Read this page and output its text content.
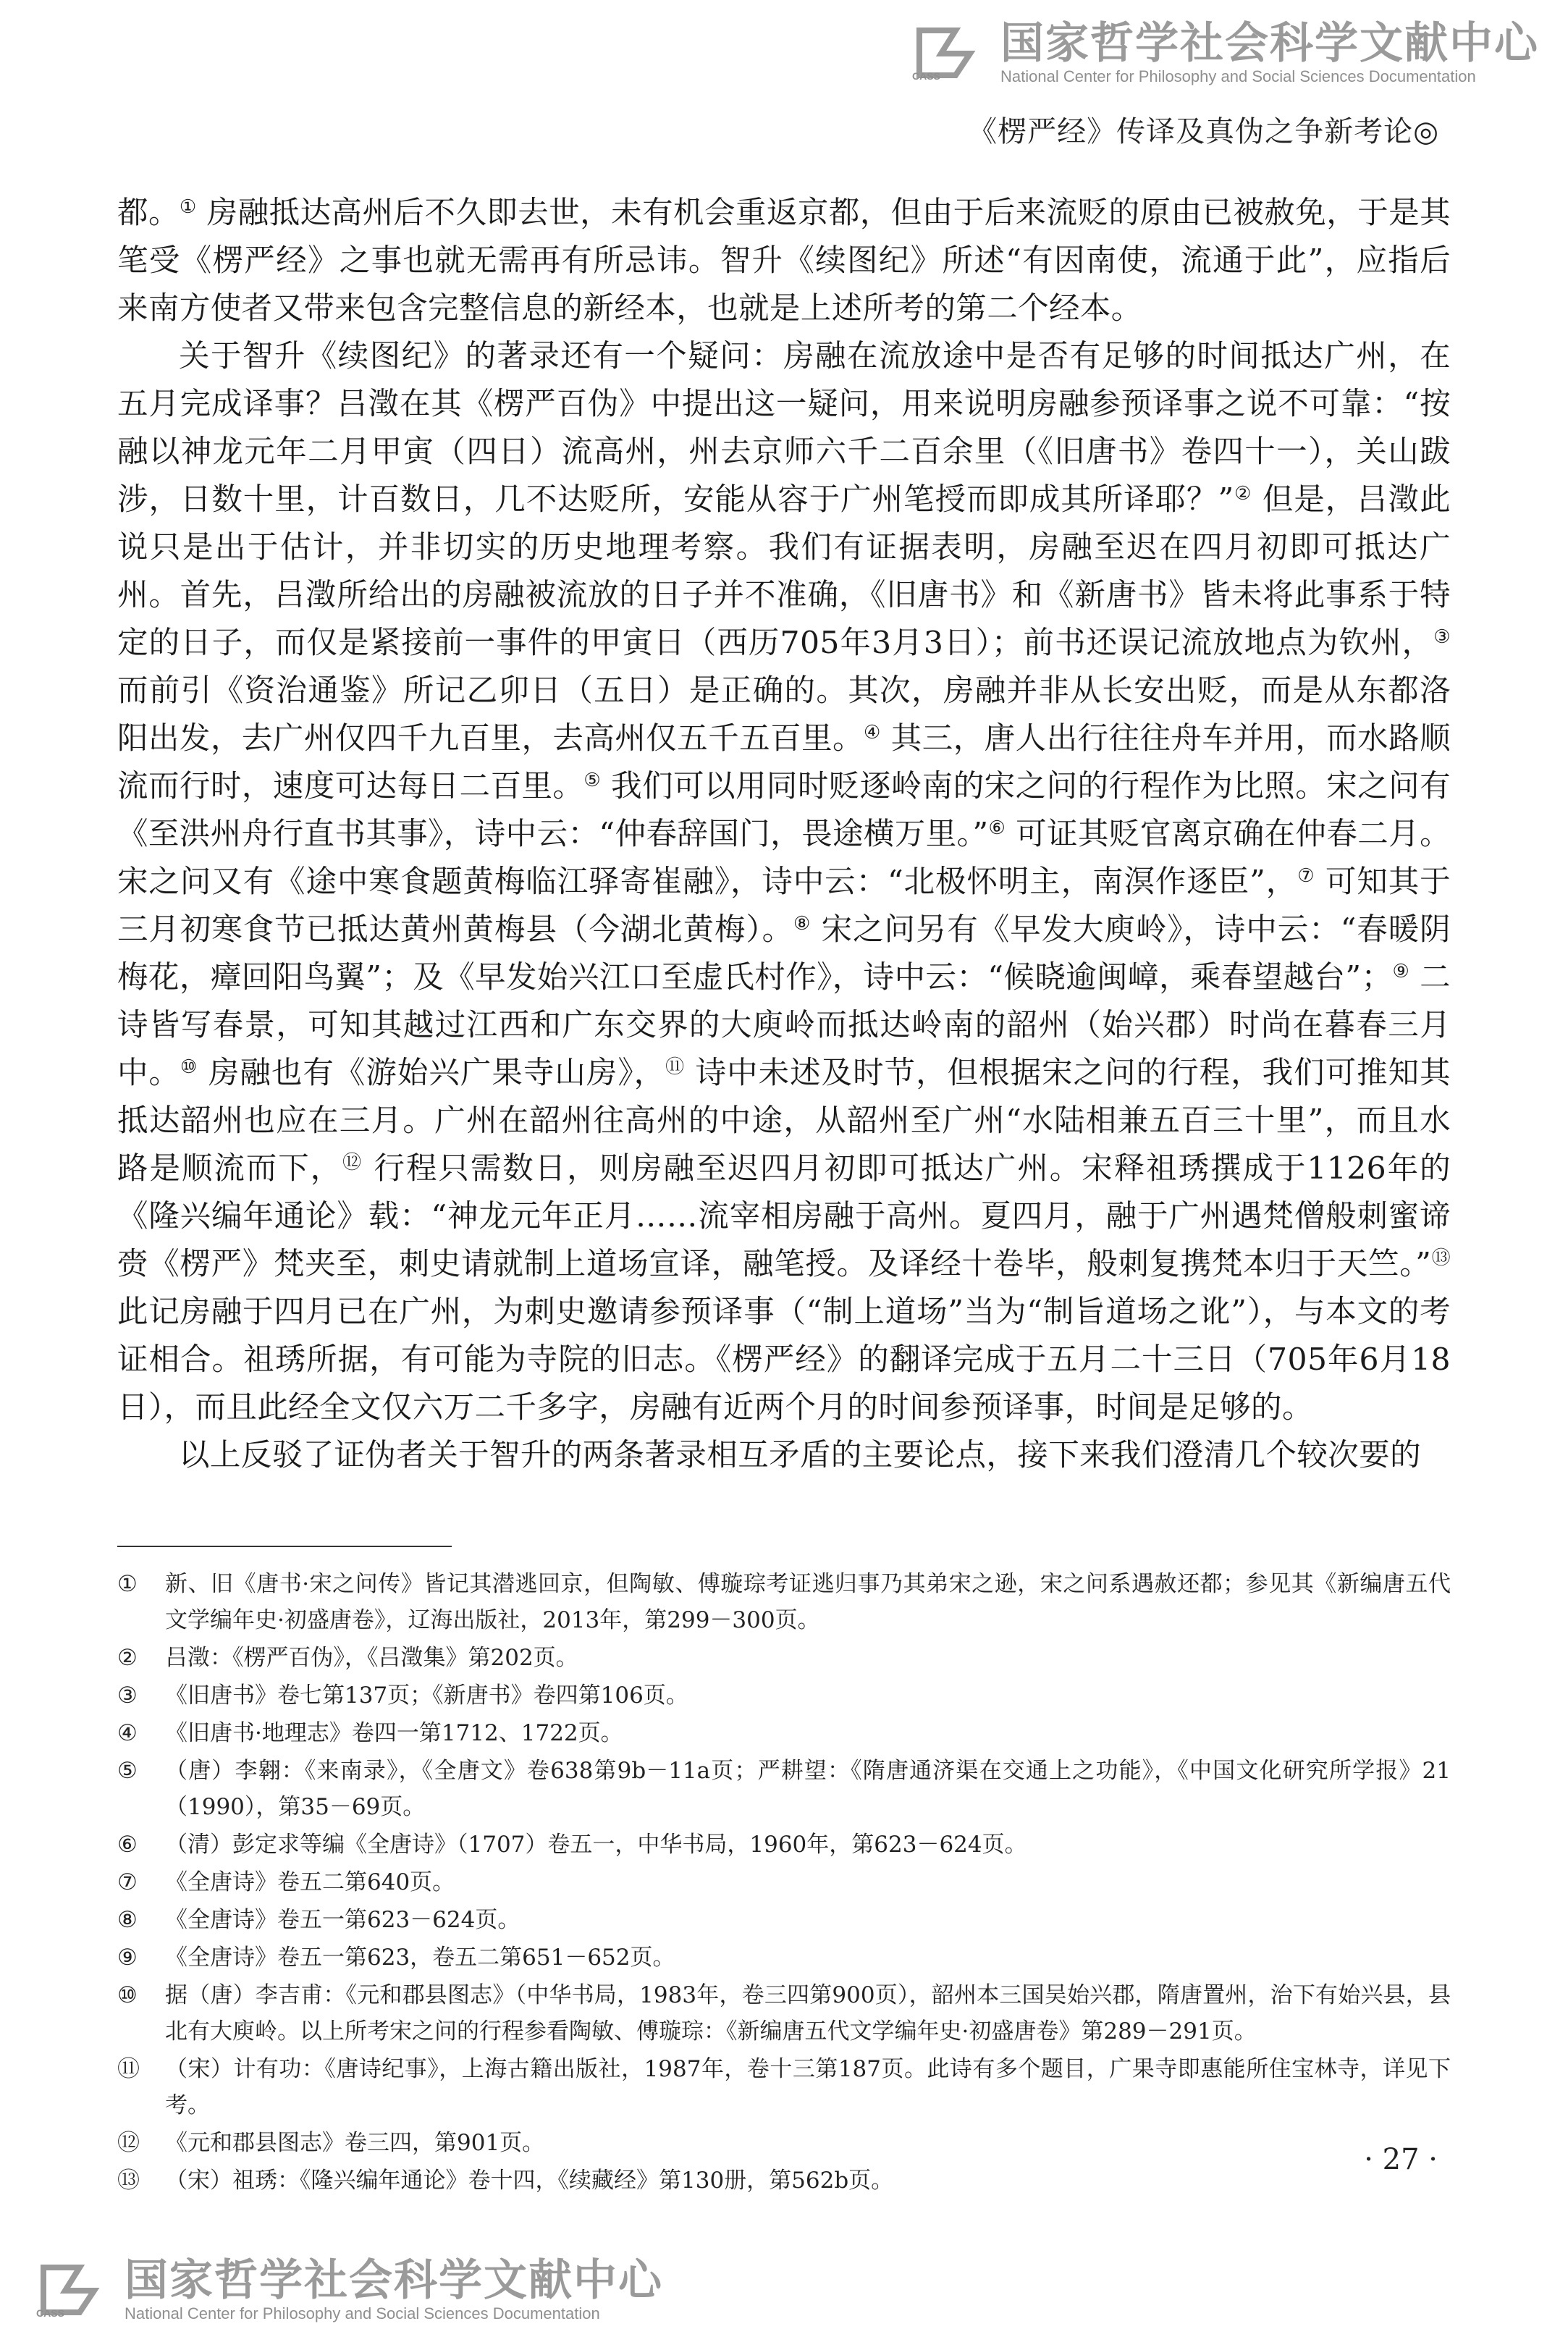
CASS
国家哲学社会科学文献中心
National Center for Philosophy and Social Sciences Documentation
《楞严经》传译及真伪之争新考论◎

都。① 房融抵达高州后不久即去世，未有机会重返京都，但由于后来流贬的原由已被赦免，于是其笔受《楞严经》之事也就无需再有所忌讳。智升《续图纪》所述“有因南使，流通于此”，应指后来南方使者又带来包含完整信息的新经本，也就是上述所考的第二个经本。

关于智升《续图纪》的著录还有一个疑问：房融在流放途中是否有足够的时间抵达广州，在五月完成译事？吕澂在其《楞严百伪》中提出这一疑问，用来说明房融参预译事之说不可靠：“按融以神龙元年二月甲寅（四日）流高州，州去京师六千二百余里（《旧唐书》卷四十一），关山跋涉，日数十里，计百数日，几不达贬所，安能从容于广州笔授而即成其所译耶？”② 但是，吕澂此说只是出于估计，并非切实的历史地理考察。我们有证据表明，房融至迟在四月初即可抵达广州。首先，吕澂所给出的房融被流放的日子并不准确，《旧唐书》和《新唐书》皆未将此事系于特定的日子，而仅是紧接前一事件的甲寅日（西历705年3月3日）；前书还误记流放地点为钦州，③ 而前引《资治通鉴》所记乙卯日（五日）是正确的。其次，房融并非从长安出贬，而是从东都洛阳出发，去广州仅四千九百里，去高州仅五千五百里。④ 其三，唐人出行往往舟车并用，而水路顺流而行时，速度可达每日二百里。⑤ 我们可以用同时贬逐岭南的宋之问的行程作为比照。宋之问有《至洪州舟行直书其事》，诗中云：“仲春辞国门，畏途横万里。”⑥ 可证其贬官离京确在仲春二月。宋之问又有《途中寒食题黄梅临江驿寄崔融》，诗中云：“北极怀明主，南溟作逐臣”，⑦ 可知其于三月初寒食节已抵达黄州黄梅县（今湖北黄梅）。⑧ 宋之问另有《早发大庾岭》，诗中云：“春暖阴梅花，瘴回阳鸟翼”；及《早发始兴江口至虚氏村作》，诗中云：“候晓逾闽嶂，乘春望越台”；⑨ 二诗皆写春景，可知其越过江西和广东交界的大庾岭而抵达岭南的韶州（始兴郡）时尚在暮春三月中。⑩ 房融也有《游始兴广果寺山房》，⑪ 诗中未述及时节，但根据宋之问的行程，我们可推知其抵达韶州也应在三月。广州在韶州往高州的中途，从韶州至广州“水陆相兼五百三十里”，而且水路是顺流而下，⑫ 行程只需数日，则房融至迟四月初即可抵达广州。宋释祖琇撰成于1126年的《隆兴编年通论》载：“神龙元年正月……流宰相房融于高州。夏四月，融于广州遇梵僧般刺蜜谛赍《楞严》梵夹至，刺史请就制上道场宣译，融笔授。及译经十卷毕，般刺复携梵本归于天竺。”⑬ 此记房融于四月已在广州，为刺史邀请参预译事（“制上道场”当为“制旨道场之讹”），与本文的考证相合。祖琇所据，有可能为寺院的旧志。《楞严经》的翻译完成于五月二十三日（705年6月18日），而且此经全文仅六万二千多字，房融有近两个月的时间参预译事，时间是足够的。

以上反驳了证伪者关于智升的两条著录相互矛盾的主要论点，接下来我们澄清几个较次要的

①	新、旧《唐书·宋之问传》皆记其潜逃回京，但陶敏、傅璇琮考证逃归事乃其弟宋之逊，宋之问系遇赦还都；参见其《新编唐五代文学编年史·初盛唐卷》，辽海出版社，2013年，第299－300页。
②	吕澂：《楞严百伪》，《吕澂集》第202页。
③	《旧唐书》卷七第137页；《新唐书》卷四第106页。
④	《旧唐书·地理志》卷四一第1712、1722页。
⑤	（唐）李翱：《来南录》，《全唐文》卷638第9b－11a页；严耕望：《隋唐通济渠在交通上之功能》，《中国文化研究所学报》21（1990），第35－69页。
⑥	（清）彭定求等编《全唐诗》（1707）卷五一，中华书局，1960年，第623－624页。
⑦	《全唐诗》卷五二第640页。
⑧	《全唐诗》卷五一第623－624页。
⑨	《全唐诗》卷五一第623，卷五二第651－652页。
⑩	据（唐）李吉甫：《元和郡县图志》（中华书局，1983年，卷三四第900页），韶州本三国吴始兴郡，隋唐置州，治下有始兴县，县北有大庾岭。以上所考宋之问的行程参看陶敏、傅璇琮：《新编唐五代文学编年史·初盛唐卷》第289－291页。
⑪	（宋）计有功：《唐诗纪事》，上海古籍出版社，1987年，卷十三第187页。此诗有多个题目，广果寺即惠能所住宝林寺，详见下考。
⑫	《元和郡县图志》卷三四，第901页。
⑬	（宋）祖琇：《隆兴编年通论》卷十四，《续藏经》第130册，第562b页。
· 27 ·
CASS
国家哲学社会科学文献中心
National Center for Philosophy and Social Sciences Documentation
